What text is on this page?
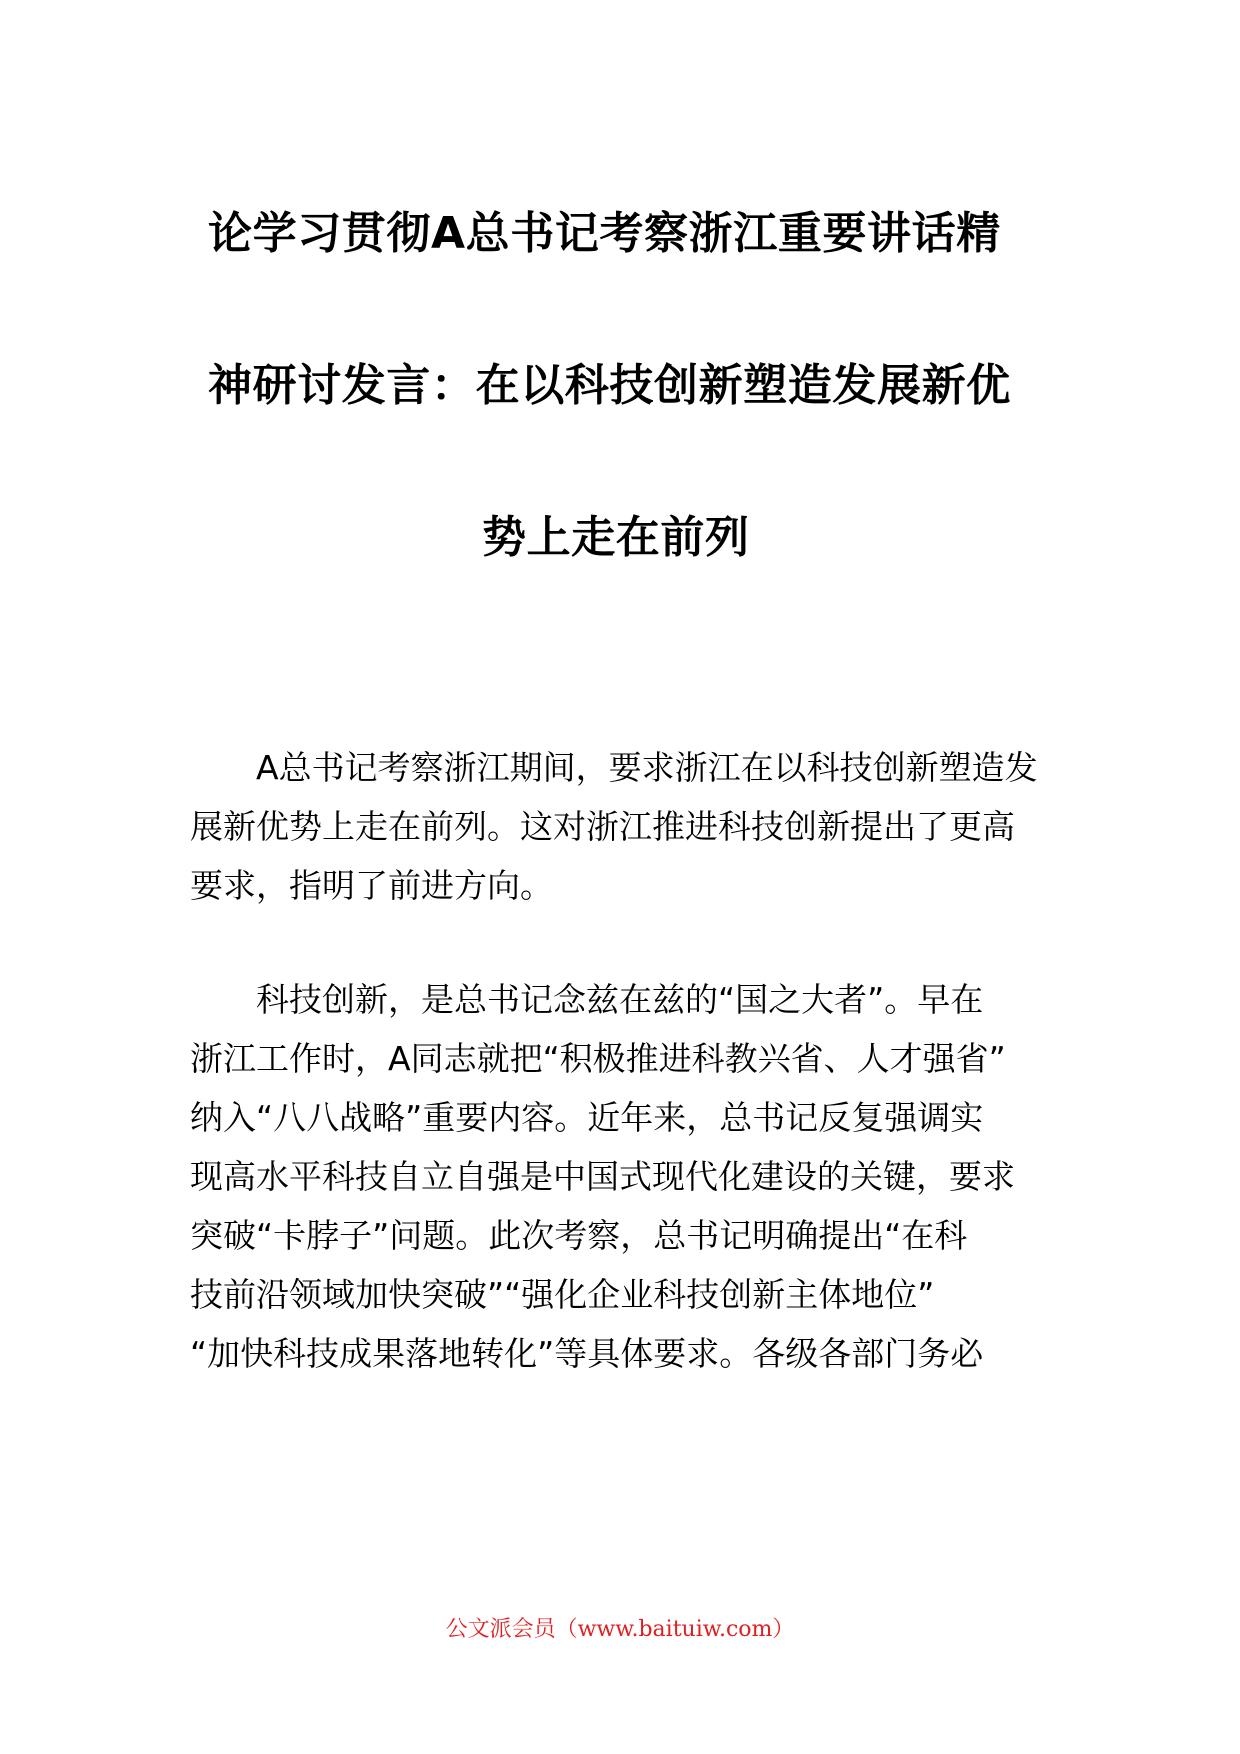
论学习贯彻A总书记考察浙江重要讲话精
神研讨发言：在以科技创新塑造发展新优
势上走在前列
A总书记考察浙江期间，要求浙江在以科技创新塑造发
展新优势上走在前列。这对浙江推进科技创新提出了更高
要求，指明了前进方向。
科技创新，是总书记念兹在兹的“国之大者”。早在
浙江工作时，A同志就把“积极推进科教兴省、人才强省”
纳入“八八战略”重要内容。近年来，总书记反复强调实
现高水平科技自立自强是中国式现代化建设的关键，要求
突破“卡脖子”问题。此次考察，总书记明确提出“在科
技前沿领域加快突破”“强化企业科技创新主体地位”
“加快科技成果落地转化”等具体要求。各级各部门务必
公文派会员（www.baituiw.com）
